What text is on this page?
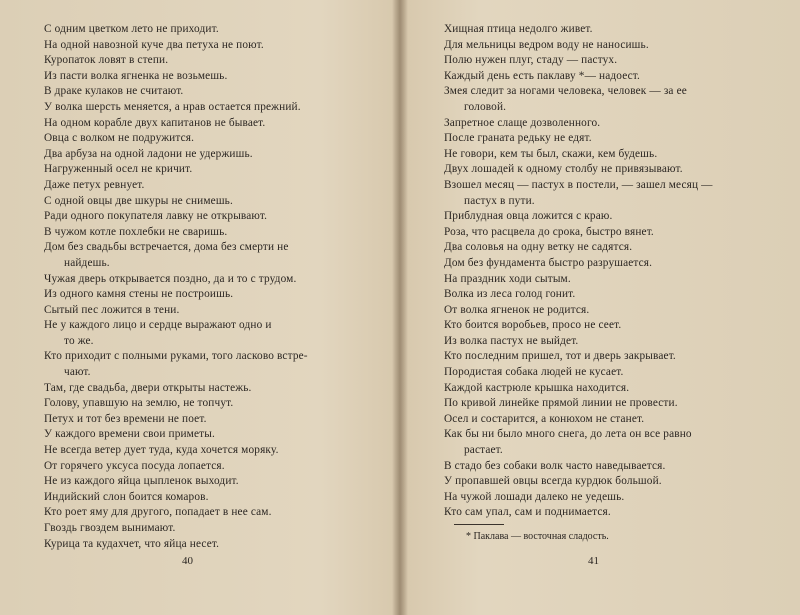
С одним цветком лето не приходит.
На одной навозной куче два петуха не поют.
Куропаток ловят в степи.
Из пасти волка ягненка не возьмешь.
В драке кулаков не считают.
У волка шерсть меняется, а нрав остается прежний.
На одном корабле двух капитанов не бывает.
Овца с волком не подружится.
Два арбуза на одной ладони не удержишь.
Нагруженный осел не кричит.
Даже петух ревнует.
С одной овцы две шкуры не снимешь.
Ради одного покупателя лавку не открывают.
В чужом котле похлебки не сваришь.
Дом без свадьбы встречается, дома без смерти не
найдешь.
Чужая дверь открывается поздно, да и то с трудом.
Из одного камня стены не построишь.
Сытый пес ложится в тени.
Не у каждого лицо и сердце выражают одно и
то же.
Кто приходит с полными руками, того ласково встре-
чают.
Там, где свадьба, двери открыты настежь.
Голову, упавшую на землю, не топчут.
Петух и тот без времени не поет.
У каждого времени свои приметы.
Не всегда ветер дует туда, куда хочется моряку.
От горячего уксуса посуда лопается.
Не из каждого яйца цыпленок выходит.
Индийский слон боится комаров.
Кто роет яму для другого, попадает в нее сам.
Гвоздь гвоздем вынимают.
Курица та кудахчет, что яйца несет.
40
Хищная птица недолго живет.
Для мельницы ведром воду не наносишь.
Полю нужен плуг, стаду — пастух.
Каждый день есть паклаву *— надоест.
Змея следит за ногами человека, человек — за ее
головой.
Запретное слаще дозволенного.
После граната редьку не едят.
Не говори, кем ты был, скажи, кем будешь.
Двух лошадей к одному столбу не привязывают.
Взошел месяц — пастух в постели, — зашел месяц —
пастух в пути.
Приблудная овца ложится с краю.
Роза, что расцвела до срока, быстро вянет.
Два соловья на одну ветку не садятся.
Дом без фундамента быстро разрушается.
На праздник ходи сытым.
Волка из леса голод гонит.
От волка ягненок не родится.
Кто боится воробьев, просо не сеет.
Из волка пастух не выйдет.
Кто последним пришел, тот и дверь закрывает.
Породистая собака людей не кусает.
Каждой кастрюле крышка находится.
По кривой линейке прямой линии не провести.
Осел и состарится, а конюхом не станет.
Как бы ни было много снега, до лета он все равно
растает.
В стадо без собаки волк часто наведывается.
У пропавшей овцы всегда курдюк большой.
На чужой лошади далеко не уедешь.
Кто сам упал, сам и поднимается.
* Паклава — восточная сладость.
41
